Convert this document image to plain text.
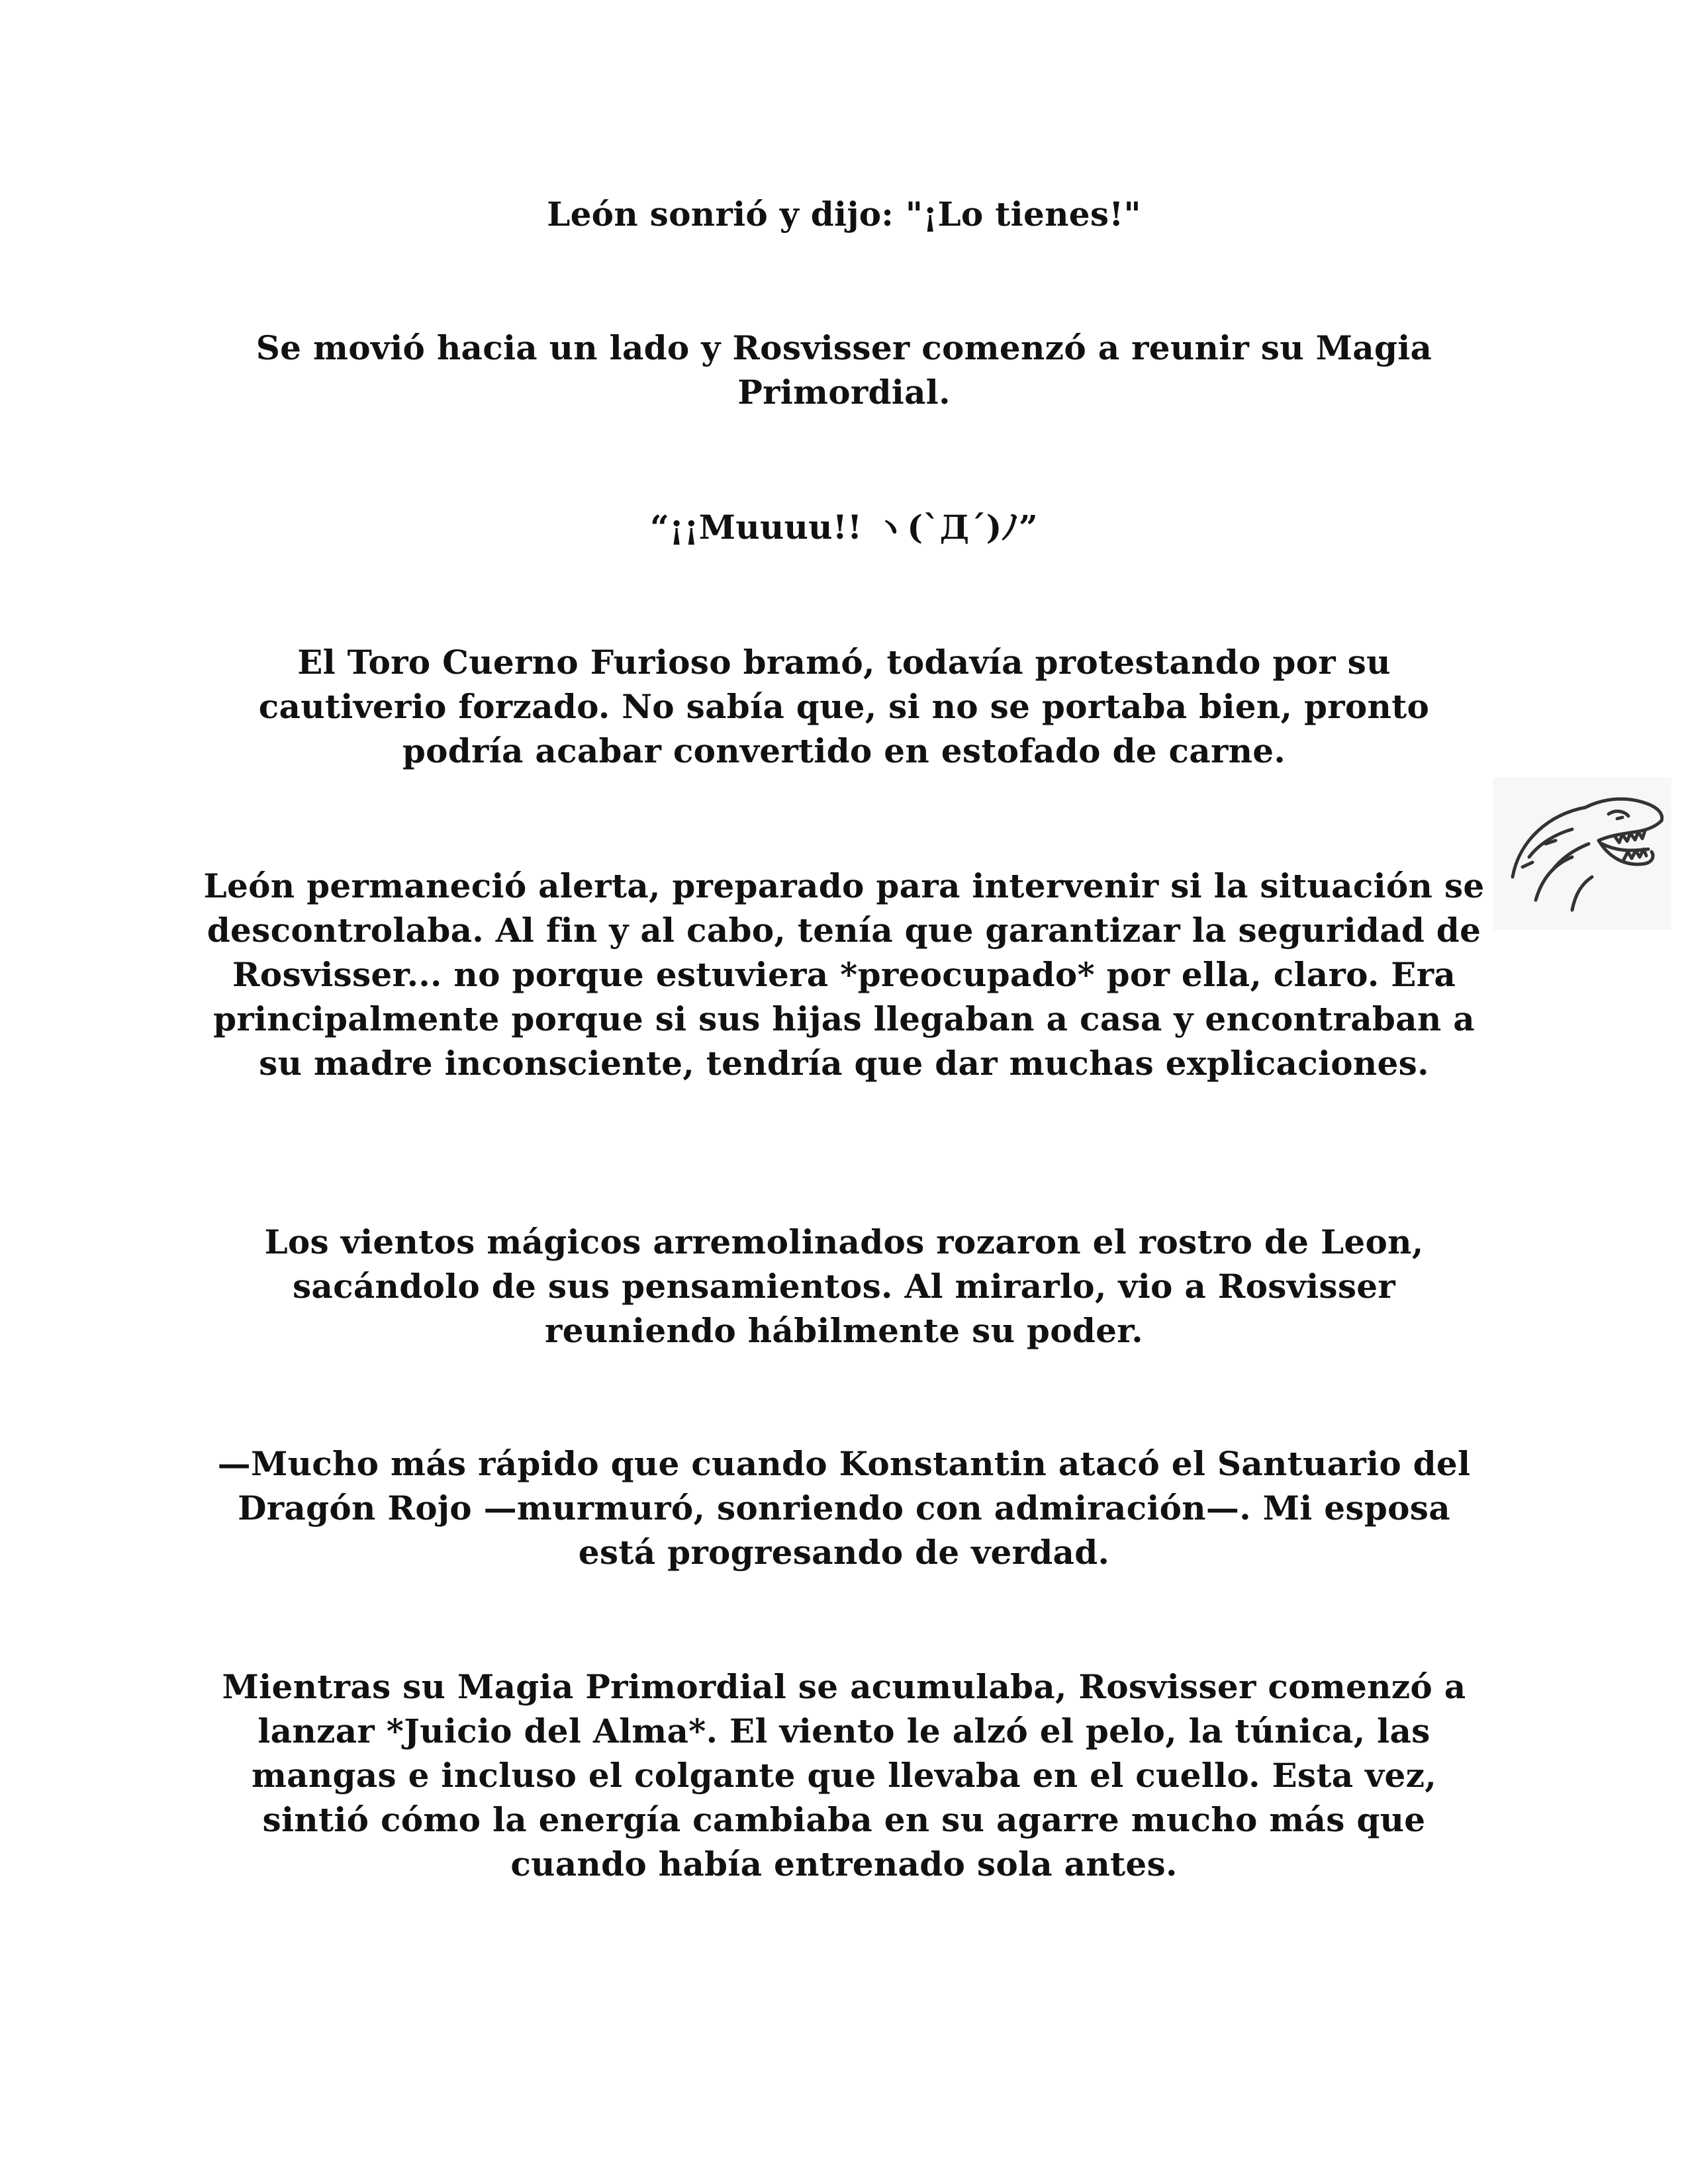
León sonrió y dijo: "¡Lo tienes!"

Se movió hacia un lado y Rosvisser comenzó a reunir su Magia Primordial.

“¡¡Muuuu!! ヽ(`Д´)ﾉ”

El Toro Cuerno Furioso bramó, todavía protestando por su cautiverio forzado. No sabía que, si no se portaba bien, pronto podría acabar convertido en estofado de carne.

León permaneció alerta, preparado para intervenir si la situación se descontrolaba. Al fin y al cabo, tenía que garantizar la seguridad de Rosvisser... no porque estuviera *preocupado* por ella, claro. Era principalmente porque si sus hijas llegaban a casa y encontraban a su madre inconsciente, tendría que dar muchas explicaciones.

Los vientos mágicos arremolinados rozaron el rostro de Leon, sacándolo de sus pensamientos. Al mirarlo, vio a Rosvisser reuniendo hábilmente su poder.

—Mucho más rápido que cuando Konstantin atacó el Santuario del Dragón Rojo —murmuró, sonriendo con admiración—. Mi esposa está progresando de verdad.

Mientras su Magia Primordial se acumulaba, Rosvisser comenzó a lanzar *Juicio del Alma*. El viento le alzó el pelo, la túnica, las mangas e incluso el colgante que llevaba en el cuello. Esta vez, sintió cómo la energía cambiaba en su agarre mucho más que cuando había entrenado sola antes.
